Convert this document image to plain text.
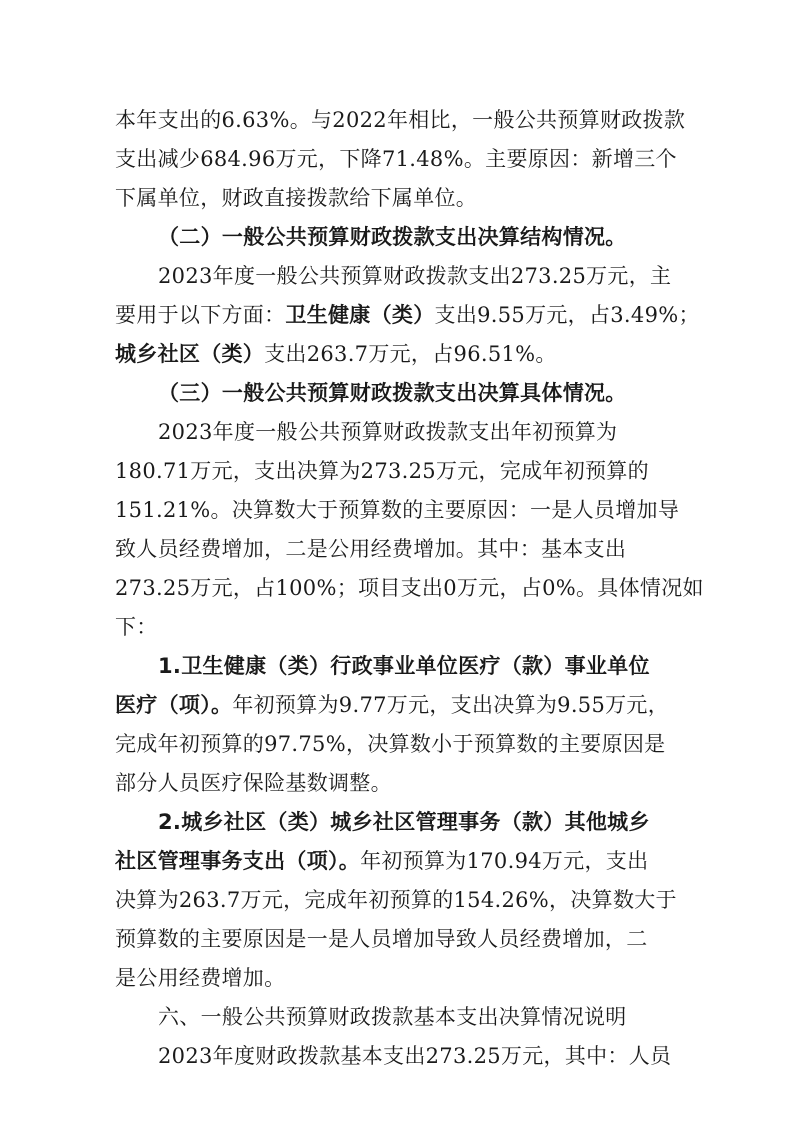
本年支出的6.63%。与2022年相比，一般公共预算财政拨款
支出减少684.96万元，下降71.48%。主要原因：新增三个
下属单位，财政直接拨款给下属单位。
（二）一般公共预算财政拨款支出决算结构情况。
2023年度一般公共预算财政拨款支出273.25万元，主
要用于以下方面：卫生健康（类）支出9.55万元，占3.49%；
城乡社区（类）支出263.7万元，占96.51%。
（三）一般公共预算财政拨款支出决算具体情况。
2023年度一般公共预算财政拨款支出年初预算为
180.71万元，支出决算为273.25万元，完成年初预算的
151.21%。决算数大于预算数的主要原因：一是人员增加导
致人员经费增加，二是公用经费增加。其中：基本支出
273.25万元，占100%；项目支出0万元，占0%。具体情况如
下：
1.卫生健康（类）行政事业单位医疗（款）事业单位
医疗（项）。年初预算为9.77万元，支出决算为9.55万元，
完成年初预算的97.75%，决算数小于预算数的主要原因是
部分人员医疗保险基数调整。
2.城乡社区（类）城乡社区管理事务（款）其他城乡
社区管理事务支出（项）。年初预算为170.94万元，支出
决算为263.7万元，完成年初预算的154.26%，决算数大于
预算数的主要原因是一是人员增加导致人员经费增加，二
是公用经费增加。
六、一般公共预算财政拨款基本支出决算情况说明
2023年度财政拨款基本支出273.25万元，其中：人员
